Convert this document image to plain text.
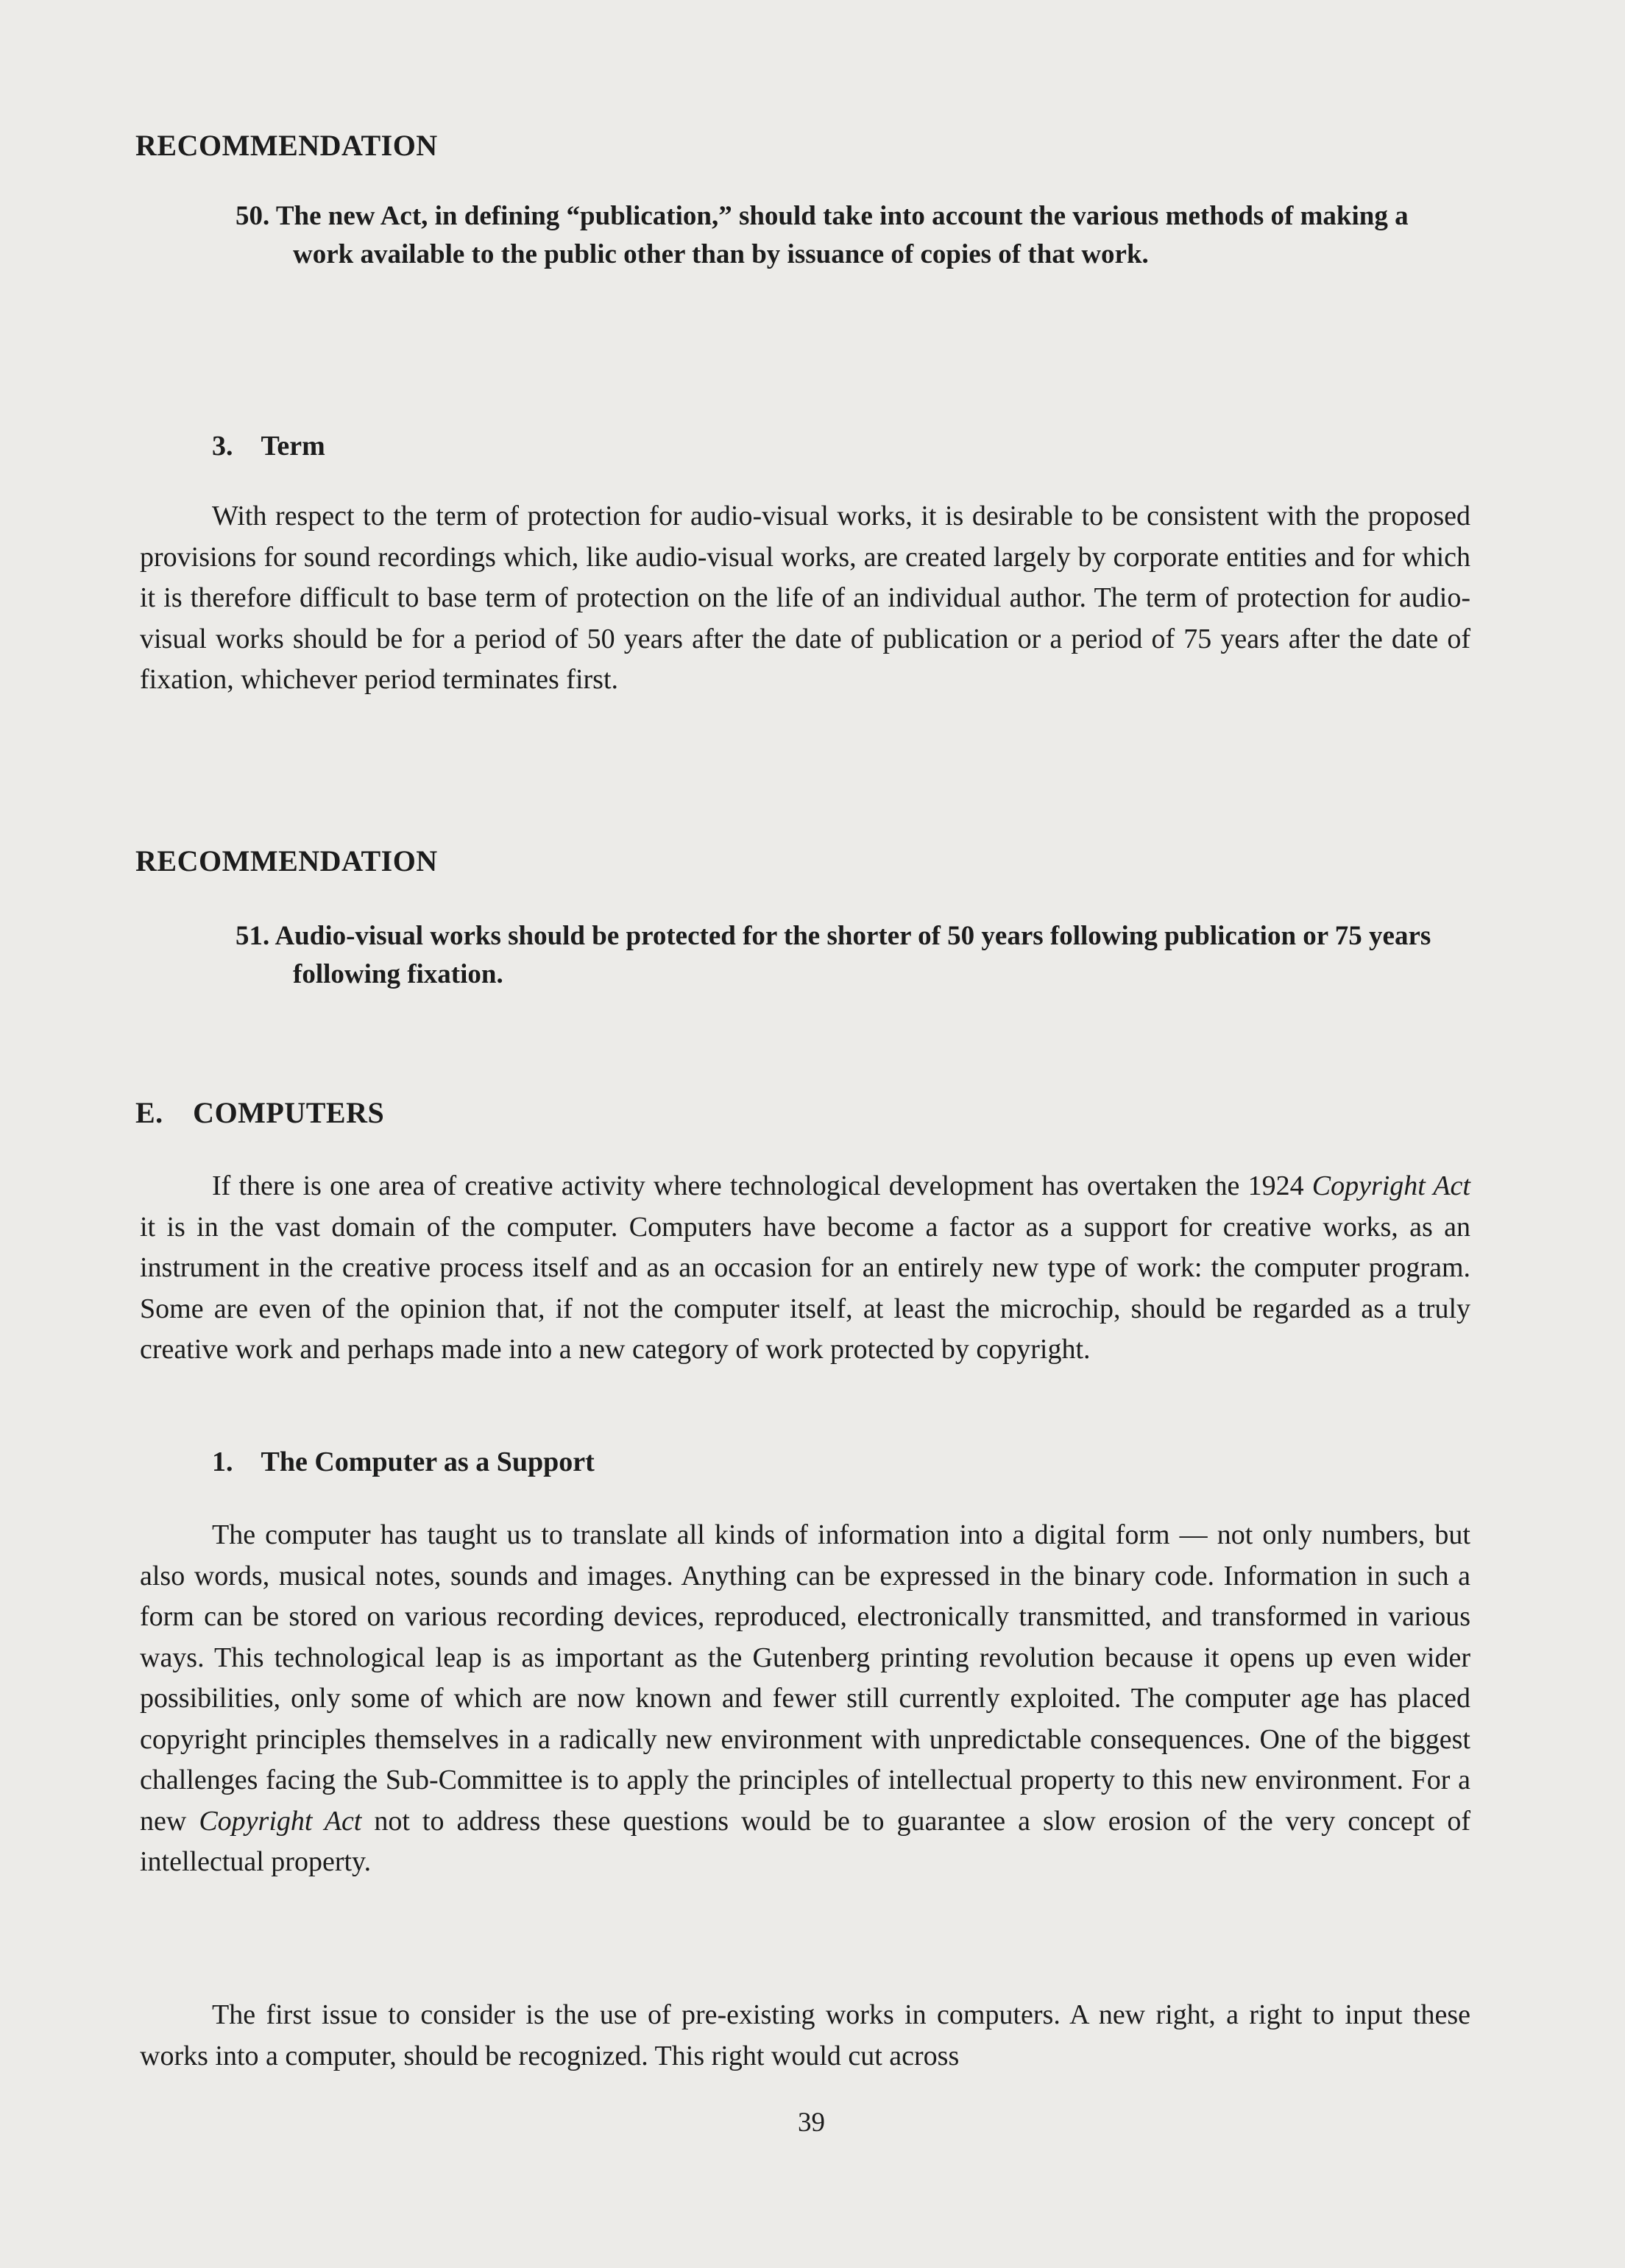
RECOMMENDATION

50. The new Act, in defining “publication,” should take into account the various methods of making a work available to the public other than by issuance of copies of that work.

3. Term

With respect to the term of protection for audio-visual works, it is desirable to be consistent with the proposed provisions for sound recordings which, like audio-visual works, are created largely by corporate entities and for which it is therefore difficult to base term of protection on the life of an individual author. The term of protection for audio-visual works should be for a period of 50 years after the date of publication or a period of 75 years after the date of fixation, whichever period terminates first.

RECOMMENDATION

51. Audio-visual works should be protected for the shorter of 50 years following publication or 75 years following fixation.

E. COMPUTERS

If there is one area of creative activity where technological development has overtaken the 1924 Copyright Act it is in the vast domain of the computer. Computers have become a factor as a support for creative works, as an instrument in the creative process itself and as an occasion for an entirely new type of work: the computer program. Some are even of the opinion that, if not the computer itself, at least the microchip, should be regarded as a truly creative work and perhaps made into a new category of work protected by copyright.

1. The Computer as a Support

The computer has taught us to translate all kinds of information into a digital form — not only numbers, but also words, musical notes, sounds and images. Anything can be expressed in the binary code. Information in such a form can be stored on various recording devices, reproduced, electronically transmitted, and transformed in various ways. This technological leap is as important as the Gutenberg printing revolution because it opens up even wider possibilities, only some of which are now known and fewer still currently exploited. The computer age has placed copyright principles themselves in a radically new environment with unpredictable consequences. One of the biggest challenges facing the Sub-Committee is to apply the principles of intellectual property to this new environment. For a new Copyright Act not to address these questions would be to guarantee a slow erosion of the very concept of intellectual property.

The first issue to consider is the use of pre-existing works in computers. A new right, a right to input these works into a computer, should be recognized. This right would cut across

39
